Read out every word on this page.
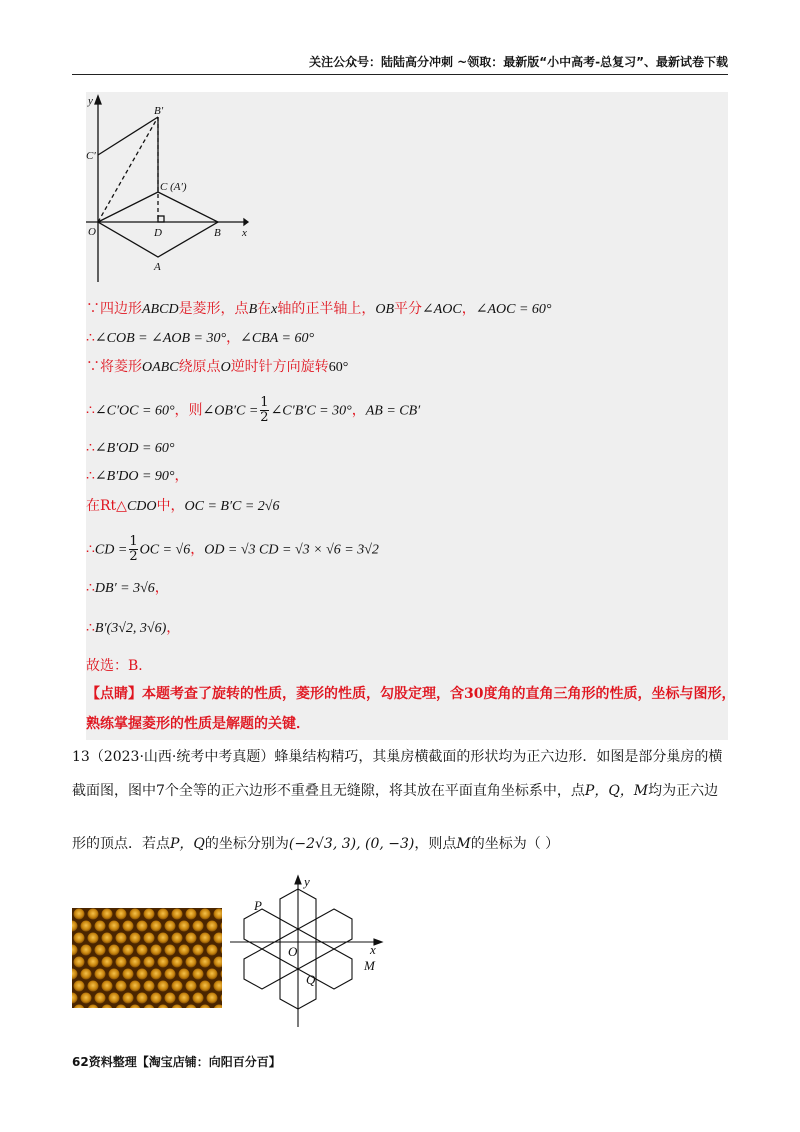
关注公众号：陆陆高分冲刺 ~领取：最新版“小中高考-总复习”、最新试卷下载
y
x
B′
C′
C (A′)
O	D	B
A
∵四边形ABCD是菱形，点B在x轴的正半轴上，OB平分∠AOC，∠AOC = 60°
∴∠COB = ∠AOB = 30°，∠CBA = 60°
∵将菱形OABC绕原点O逆时针方向旋转60°
∴∠C′OC = 60°，则∠OB′C = $\frac{1}{2}$ ∠C′B′C = 30°，AB = CB′
∴∠B′OD = 60°
∴∠B′DO = 90°，
在Rt△CDO中，OC = B′C = 2√6
∴CD = $\frac{1}{2}$ OC = √6，OD = √3 CD = √3 × √6 = 3√2
∴DB′ = 3√6，
∴B′(3√2, 3√6)，
故选：B．
【点睛】本题考查了旋转的性质，菱形的性质，勾股定理，含30度角的直角三角形的性质，坐标与图形，
熟练掌握菱形的性质是解题的关键．
13（2023·山西·统考中考真题）蜂巢结构精巧，其巢房横截面的形状均为正六边形．如图是部分巢房的横
截面图，图中7个全等的正六边形不重叠且无缝隙，将其放在平面直角坐标系中，点P，Q，M均为正六边
形的顶点．若点P，Q的坐标分别为(−2√3, 3), (0, −3)，则点M的坐标为（ ）
y
x
P
O
Q
M
62资料整理【淘宝店铺：向阳百分百】
